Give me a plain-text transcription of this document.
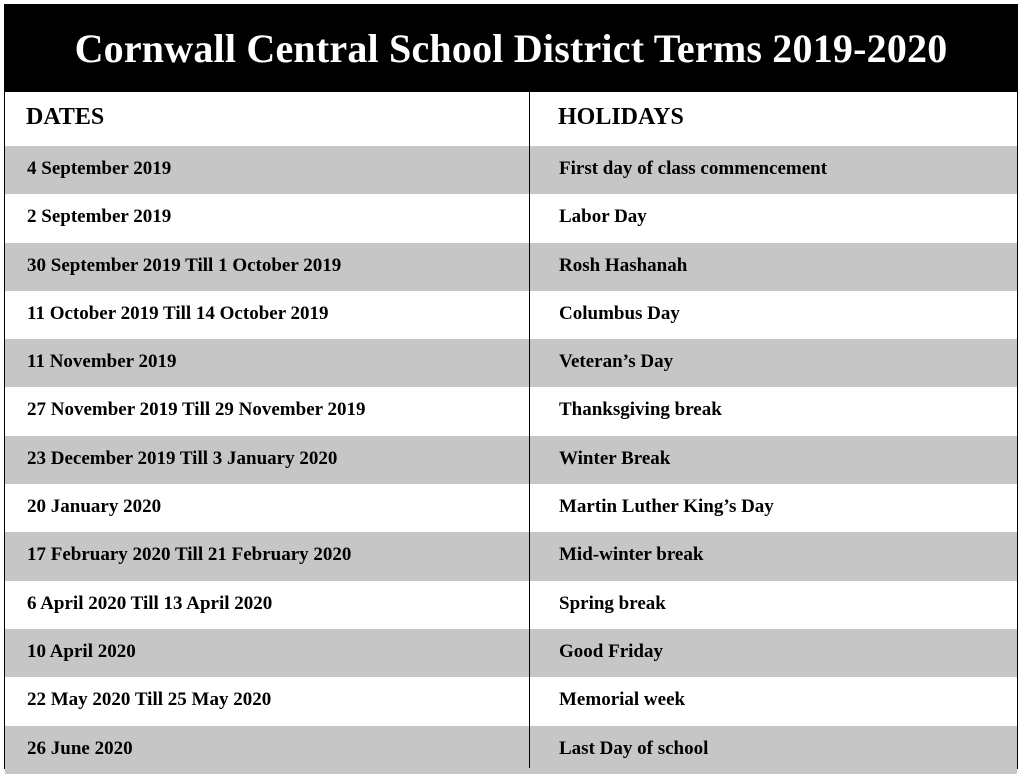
Cornwall Central School District Terms 2019-2020
DATES	HOLIDAYS
4 September 2019	First day of class commencement
2 September 2019	Labor Day
30 September 2019 Till 1 October 2019	Rosh Hashanah
11 October 2019 Till 14 October 2019	Columbus Day
11 November 2019	Veteran’s Day
27 November 2019 Till 29 November 2019	Thanksgiving break
23 December 2019 Till 3 January 2020	Winter Break
20 January 2020	Martin Luther King’s Day
17 February 2020 Till 21 February 2020	Mid-winter break
6 April 2020 Till 13 April 2020	Spring break
10 April 2020	Good Friday
22 May 2020 Till 25 May 2020	Memorial week
26 June 2020	Last Day of school
